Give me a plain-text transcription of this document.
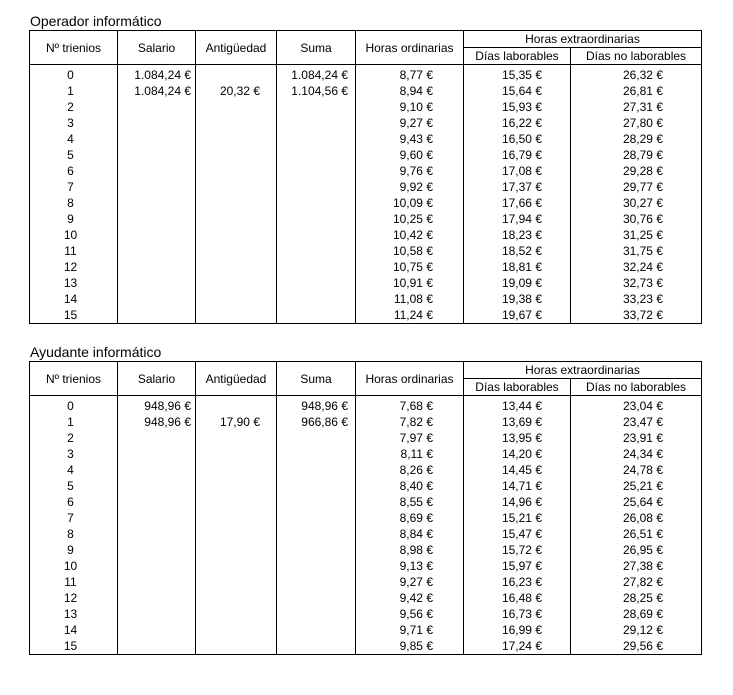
Operador informático
Nº trienios	Salario	Antigüedad	Suma	Horas ordinarias	Horas extraordinarias	
					Días laborables	Días no laborables
0	1.084,24 €		1.084,24 €	8,77 €	15,35 €	26,32 €
1	1.084,24 €	20,32 €	1.104,56 €	8,94 €	15,64 €	26,81 €
2				9,10 €	15,93 €	27,31 €
3				9,27 €	16,22 €	27,80 €
4				9,43 €	16,50 €	28,29 €
5				9,60 €	16,79 €	28,79 €
6				9,76 €	17,08 €	29,28 €
7				9,92 €	17,37 €	29,77 €
8				10,09 €	17,66 €	30,27 €
9				10,25 €	17,94 €	30,76 €
10				10,42 €	18,23 €	31,25 €
11				10,58 €	18,52 €	31,75 €
12				10,75 €	18,81 €	32,24 €
13				10,91 €	19,09 €	32,73 €
14				11,08 €	19,38 €	33,23 €
15				11,24 €	19,67 €	33,72 €
Ayudante informático
Nº trienios	Salario	Antigüedad	Suma	Horas ordinarias	Horas extraordinarias	
					Días laborables	Días no laborables
0	948,96 €		948,96 €	7,68 €	13,44 €	23,04 €
1	948,96 €	17,90 €	966,86 €	7,82 €	13,69 €	23,47 €
2				7,97 €	13,95 €	23,91 €
3				8,11 €	14,20 €	24,34 €
4				8,26 €	14,45 €	24,78 €
5				8,40 €	14,71 €	25,21 €
6				8,55 €	14,96 €	25,64 €
7				8,69 €	15,21 €	26,08 €
8				8,84 €	15,47 €	26,51 €
9				8,98 €	15,72 €	26,95 €
10				9,13 €	15,97 €	27,38 €
11				9,27 €	16,23 €	27,82 €
12				9,42 €	16,48 €	28,25 €
13				9,56 €	16,73 €	28,69 €
14				9,71 €	16,99 €	29,12 €
15				9,85 €	17,24 €	29,56 €
